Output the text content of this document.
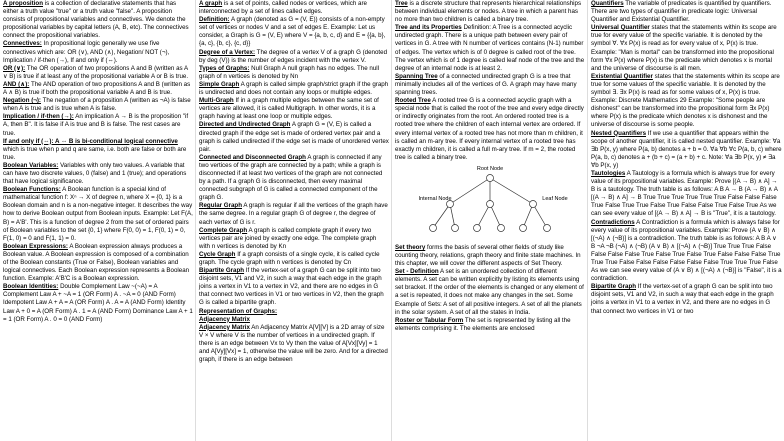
A proposition is a collection of declarative statements that has either a truth value "true" or a truth value "false". A proposition consists of propositional variables and connectives. We denote the propositional variables by capital letters (A, B, etc). The connectives connect the propositional variables.

Connectives: In propositional logic generally we use five connectives which are: OR (∨), AND (∧), Negation/ NOT (¬), Implication / if-then (→), If and only if (⇔).

OR (∨): The OR operation of two propositions A and B (written as A ∨ B) is true if at least any of the propositional variable A or B is true.

AND (∧): The AND operation of two propositions A and B (written as A ∧ B) is true if both the propositional variable A and B is true.

Negation (¬): The negation of a proposition A (written as ¬A) is false when A is true and is true when A is false.

Implication / if-then (→): An implication A → B is the proposition "if A, then B". It is false if A is true and B is false. The rest cases are true.

If and only if (⇔): A ⇔ B is bi-conditional logical connective which is true when p and q are same, i.e. both are false or both are true.

Boolean Variables: Variables with only two values. A variable that can have two discrete values, 0 (false) and 1 (true); and operations that have logical significance.

Boolean Functions: A Boolean function is a special kind of mathematical function f: Xⁿ → X of degree n, where X = {0, 1} is a Boolean domain and n is a non-negative integer. It describes the way how to derive Boolean output from Boolean inputs. Example: Let F(A, B) = A'B'. This is a function of degree 2 from the set of ordered pairs of Boolean variables to the set {0, 1} where F(0, 0) = 1, F(0, 1) = 0, F(1, 0) = 0 and F(1, 1) = 0.

Boolean Expressions: A Boolean expression always produces a Boolean value. A Boolean expression is composed of a combination of the Boolean constants (True or False), Boolean variables and logical connectives. Each Boolean expression represents a Boolean function. Example: A'B'C is a Boolean expression.

Boolean Identities: Double Complement Law ~(~A) = A Complement Law A + ~A = 1 (OR Form) A . ~A = 0 (AND Form) Idempotent Law A + A = A (OR Form) A . A = A (AND Form) Identity Law A + 0 = A (OR Form) A . 1 = A (AND Form) Dominance Law A + 1 = 1 (OR Form) A . 0 = 0 (AND Form)

A graph is a set of points, called nodes or vertices, which are interconnected by a set of lines called edges.

Definition: A graph (denoted as G = (V, E)) consists of a non-empty set of vertices or nodes V and a set of edges E. Example: Let us consider, a Graph is G = (V, E) where V = {a, b, c, d} and E = {{a, b}, {a, c}, {b, c}, {c, d}}

Degree of a Vertex: The degree of a vertex V of a graph G (denoted by deg (V)) is the number of edges incident with the vertex V.

Types of Graphs: Null Graph A null graph has no edges. The null graph of n vertices is denoted by Nn

Simple Graph A graph is called simple graph/strict graph if the graph is undirected and does not contain any loops or multiple edges.

Multi-Graph If in a graph multiple edges between the same set of vertices are allowed, it is called Multigraph. In other words, it is a graph having at least one loop or multiple edges.

Directed and Undirected Graph A graph G = (V, E) is called a directed graph if the edge set is made of ordered vertex pair and a graph is called undirected if the edge set is made of unordered vertex pair.

Connected and Disconnected Graph A graph is connected if any two vertices of the graph are connected by a path; while a graph is disconnected if at least two vertices of the graph are not connected by a path. If a graph G is disconnected, then every maximal connected subgraph of G is called a connected component of the graph G.

Regular Graph A graph is regular if all the vertices of the graph have the same degree. In a regular graph G of degree r, the degree of each vertex of G is r.

Complete Graph A graph is called complete graph if every two vertices pair are joined by exactly one edge. The complete graph with n vertices is denoted by Kn

Cycle Graph If a graph consists of a single cycle, it is called cycle graph. The cycle graph with n vertices is denoted by Cn

Bipartite Graph If the vertex-set of a graph G can be split into two disjoint sets, V1 and V2, in such a way that each edge in the graph joins a vertex in V1 to a vertex in V2, and there are no edges in G that connect two vertices in V1 or two vertices in V2, then the graph G is called a bipartite graph.

Representation of Graphs:

Adjacency Matrix

Adjacency Matrix An Adjacency Matrix A[V][V] is a 2D array of size V × V where V is the number of vertices in a undirected graph. If there is an edge between Vx to Vy then the value of A[Vx][Vy] = 1 and A[Vy][Vx] = 1, otherwise the value will be zero. And for a directed graph, if there is an edge between

Tree is a discrete structure that represents hierarchical relationships between individual elements or nodes. A tree in which a parent has no more than two children is called a binary tree.

Tree and its Properties Definition: A Tree is a connected acyclic undirected graph. There is a unique path between every pair of vertices in G. A tree with N number of vertices contains (N-1) number of edges. The vertex which is of 0 degree is called root of the tree. The vertex which is of 1 degree is called leaf node of the tree and the degree of an internal node is at least 2.

Spanning Tree of a connected undirected graph G is a tree that minimally includes all of the vertices of G. A graph may have many spanning trees.

Rooted Tree A rooted tree G is a connected acyclic graph with a special node that is called the root of the tree and every edge directly or indirectly originates from the root. An ordered rooted tree is a rooted tree where the children of each internal vertex are ordered. If every internal vertex of a rooted tree has not more than m children, it is called an m-ary tree. If every internal vertex of a rooted tree has exactly m children, it is called a full m-ary tree. If m = 2, the rooted tree is called a binary tree.

Root Node
Internal Node	Leaf Node

Set theory forms the basis of several other fields of study like counting theory, relations, graph theory and finite state machines. In this chapter, we will cover the different aspects of Set Theory.

Set - Definition A set is an unordered collection of different elements. A set can be written explicitly by listing its elements using set bracket. If the order of the elements is changed or any element of a set is repeated, it does not make any changes in the set. Some Example of Sets: A set of all positive integers. A set of all the planets in the solar system. A set of all the states in India.

Roster or Tabular Form The set is represented by listing all the elements comprising it. The elements are enclosed

Quantifiers The variable of predicates is quantified by quantifiers. There are two types of quantifier in predicate logic: Universal Quantifier and Existential Quantifier.

Universal Quantifier states that the statements within its scope are true for every value of the specific variable. It is denoted by the symbol ∀. ∀x P(x) is read as for every value of x, P(x) is true. Example: "Man is mortal" can be transformed into the propositional form ∀x P(x) where P(x) is the predicate which denotes x is mortal and the universe of discourse is all men.

Existential Quantifier states that the statements within its scope are true for some values of the specific variable. It is denoted by the symbol ∃. ∃x P(x) is read as for some values of x, P(x) is true. Example: Discrete Mathematics 29 Example: "Some people are dishonest" can be transformed into the propositional form ∃x P(x) where P(x) is the predicate which denotes x is dishonest and the universe of discourse is some people.

Nested Quantifiers If we use a quantifier that appears within the scope of another quantifier, it is called nested quantifier. Example: ∀a ∃b P(x, y) where P(a, b) denotes a + b = 0. ∀a ∀b ∀c P(a, b, c) where P(a, b, c) denotes a + (b + c) = (a + b) + c. Note: ∀a ∃b P(x, y) ≠ ∃a ∀b P(x, y)

Tautologies A Tautology is a formula which is always true for every value of its propositional variables. Example: Prove [(A → B) ∧ A] → B is a tautology. The truth table is as follows: A B A → B (A → B) ∧ A [(A → B) ∧ A] → B True True True True True True False False False True False True True False True False False True False True As we can see every value of [(A → B) ∧ A] → B is "True", it is a tautology.

Contradictions A Contradiction is a formula which is always false for every value of its propositional variables. Example: Prove (A ∨ B) ∧ [(¬A) ∧ (¬B)] is a contradiction. The truth table is as follows: A B A ∨ B ¬A ¬B (¬A) ∧ (¬B) (A ∨ B) ∧ [(¬A) ∧ (¬B)] True True True False False False False True False True False True False False False True True True False False False False False False True True True False As we can see every value of (A ∨ B) ∧ [(¬A) ∧ (¬B)] is "False", it is a contradiction.

Bipartite Graph If the vertex-set of a graph G can be split into two disjoint sets, V1 and V2, in such a way that each edge in the graph joins a vertex in V1 to a vertex in V2, and there are no edges in G that connect two vertices in V1 or two
